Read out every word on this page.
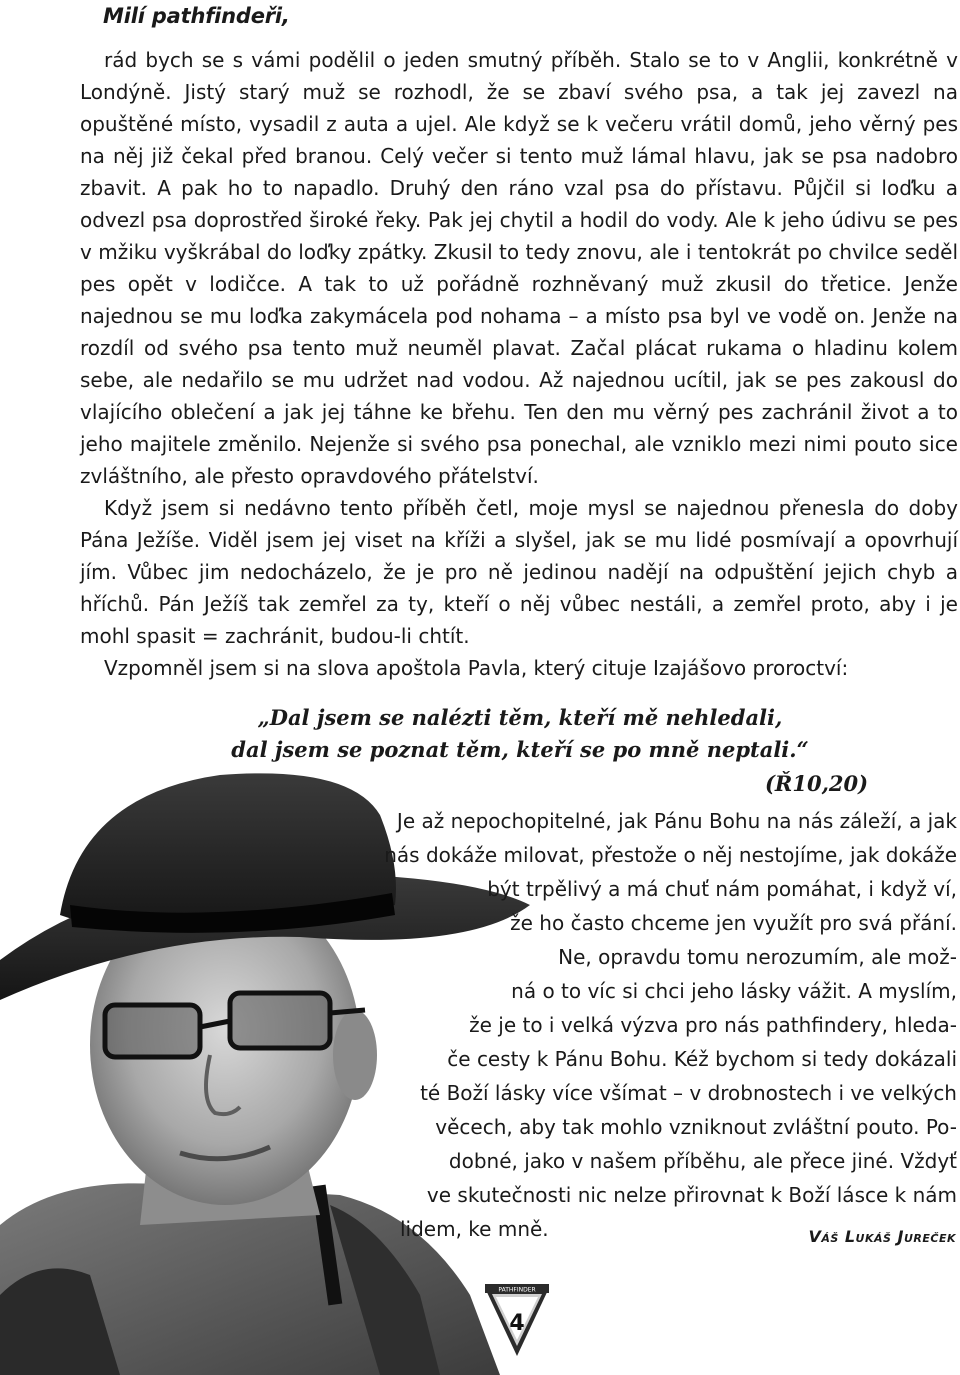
Milí pathfindeři,

rád bych se s vámi podělil o jeden smutný příběh. Stalo se to v Anglii, konkrétně v Londýně. Jistý starý muž se rozhodl, že se zbaví svého psa, a tak jej zavezl na opuštěné místo, vysadil z auta a ujel. Ale když se k večeru vrátil domů, jeho věrný pes na něj již čekal před branou. Celý večer si tento muž lámal hlavu, jak se psa nadobro zbavit. A pak ho to napadlo. Druhý den ráno vzal psa do přístavu. Půjčil si loďku a odvezl psa doprostřed široké řeky. Pak jej chytil a hodil do vody. Ale k jeho údivu se pes v mžiku vyškrábal do loďky zpátky. Zkusil to tedy znovu, ale i tentokrát po chvilce seděl pes opět v lodičce. A tak to už pořádně rozhněvaný muž zkusil do třetice. Jenže najednou se mu loďka zakymácela pod nohama – a místo psa byl ve vodě on. Jenže na rozdíl od svého psa tento muž neuměl plavat. Začal plácat rukama o hladinu kolem sebe, ale nedařilo se mu udržet nad vodou. Až najednou ucítil, jak se pes zakousl do vlajícího oblečení a jak jej táhne ke břehu. Ten den mu věrný pes zachránil život a to jeho majitele změnilo. Nejenže si svého psa ponechal, ale vzniklo mezi nimi pouto sice zvláštního, ale přesto opravdového přátelství.

Když jsem si nedávno tento příběh četl, moje mysl se najednou přenesla do doby Pána Ježíše. Viděl jsem jej viset na kříži a slyšel, jak se mu lidé posmívají a opovrhují jím. Vůbec jim nedocházelo, že je pro ně jedinou nadějí na odpuštění jejich chyb a hříchů. Pán Ježíš tak zemřel za ty, kteří o něj vůbec nestáli, a zemřel proto, aby i je mohl spasit = zachránit, budou-li chtít.

Vzpomněl jsem si na slova apoštola Pavla, který cituje Izajášovo proroctví:

„Dal jsem se nalézti těm, kteří mě nehledali,
dal jsem se poznat těm, kteří se po mně neptali.“
(Ř10,20)
Je až nepochopitelné, jak Pánu Bohu na nás záleží, a jak
nás dokáže milovat, přestože o něj nestojíme, jak dokáže
být trpělivý a má chuť nám pomáhat, i když ví,
že ho často chceme jen využít pro svá přání.
Ne, opravdu tomu nerozumím, ale mož-
ná o to víc si chci jeho lásky vážit. A myslím,
že je to i velká výzva pro nás pathfindery, hleda-
če cesty k Pánu Bohu. Kéž bychom si tedy dokázali
té Boží lásky více všímat – v drobnostech i ve velkých
věcech, aby tak mohlo vzniknout zvláštní pouto. Po-
dobné, jako v našem příběhu, ale přece jiné. Vždyť
ve skutečnosti nic nelze přirovnat k Boží lásce k nám
lidem, ke mně.	Váš Lukáš Jureček
PATHFINDER
4
